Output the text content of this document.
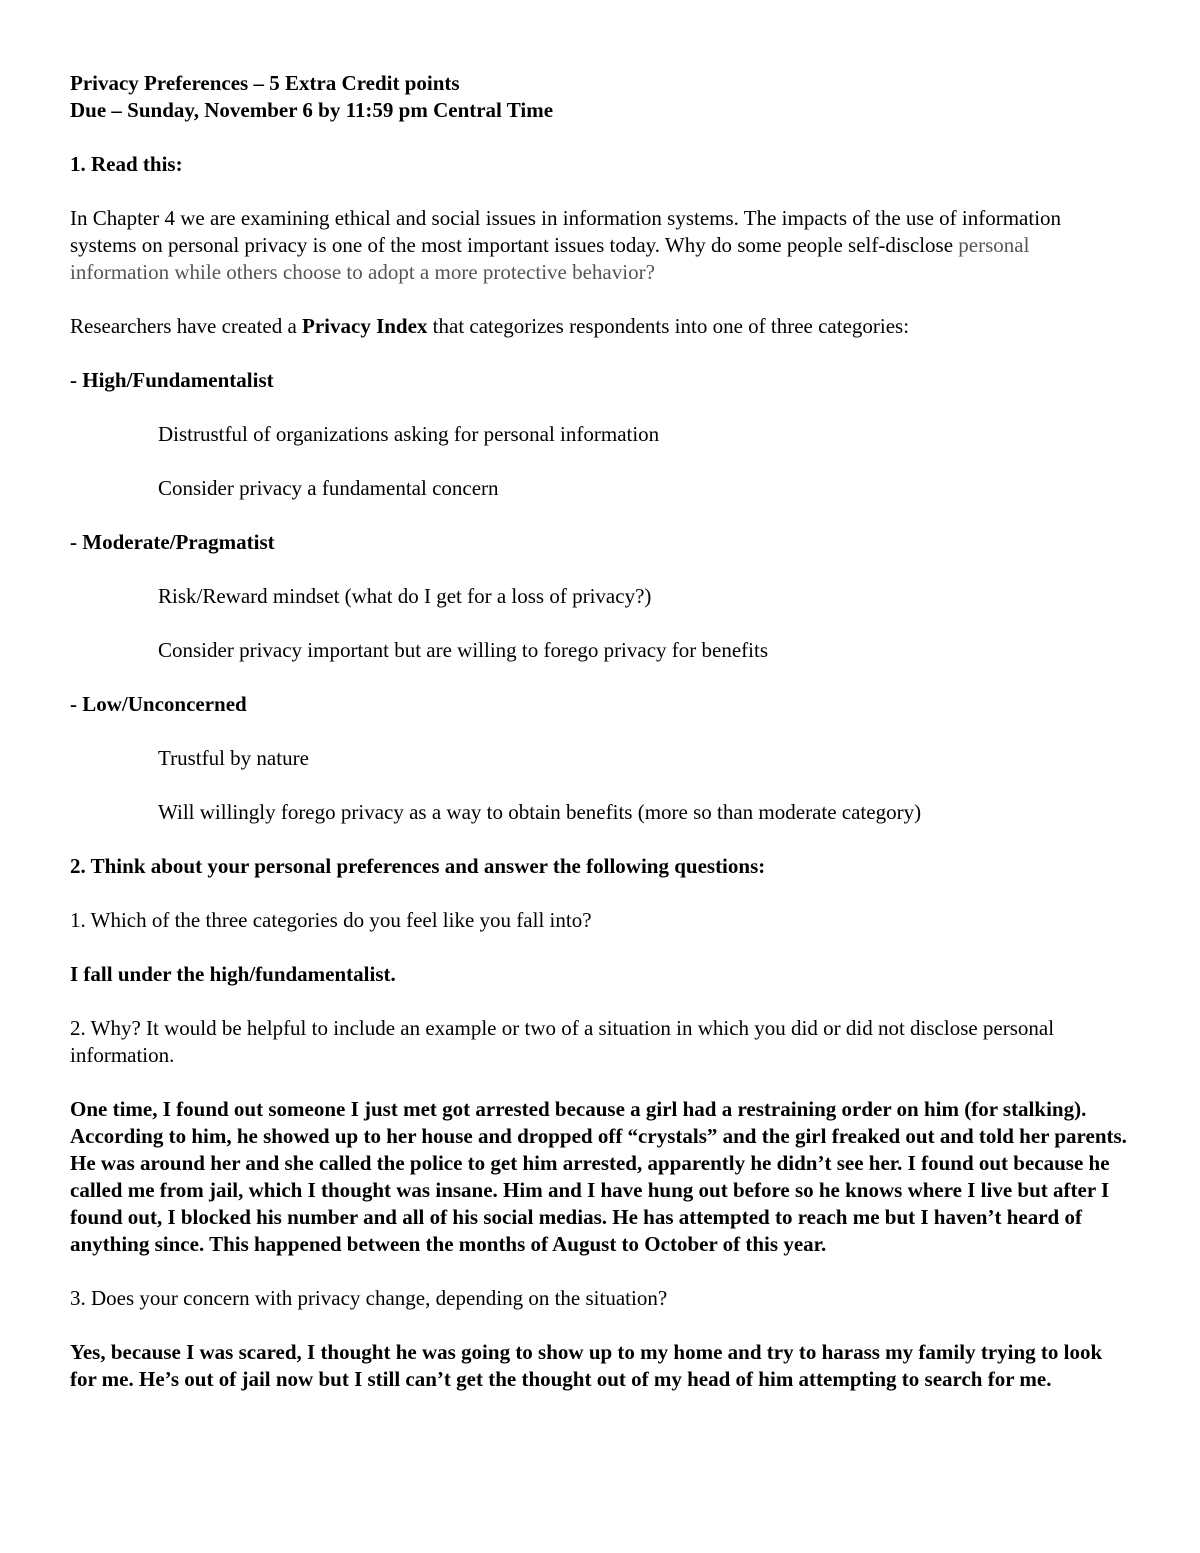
Privacy Preferences – 5 Extra Credit points
Due – Sunday, November 6 by 11:59 pm Central Time

1. Read this:

In Chapter 4 we are examining ethical and social issues in information systems. The impacts of the use of information systems on personal privacy is one of the most important issues today. Why do some people self-disclose personal information while others choose to adopt a more protective behavior?

Researchers have created a Privacy Index that categorizes respondents into one of three categories:

- High/Fundamentalist

Distrustful of organizations asking for personal information

Consider privacy a fundamental concern

- Moderate/Pragmatist

Risk/Reward mindset (what do I get for a loss of privacy?)

Consider privacy important but are willing to forego privacy for benefits

- Low/Unconcerned

Trustful by nature

Will willingly forego privacy as a way to obtain benefits (more so than moderate category)

2. Think about your personal preferences and answer the following questions:

1. Which of the three categories do you feel like you fall into?

I fall under the high/fundamentalist.

2. Why? It would be helpful to include an example or two of a situation in which you did or did not disclose personal information.

One time, I found out someone I just met got arrested because a girl had a restraining order on him (for stalking). According to him, he showed up to her house and dropped off “crystals” and the girl freaked out and told her parents. He was around her and she called the police to get him arrested, apparently he didn’t see her. I found out because he called me from jail, which I thought was insane. Him and I have hung out before so he knows where I live but after I found out, I blocked his number and all of his social medias. He has attempted to reach me but I haven’t heard of anything since. This happened between the months of August to October of this year.

3. Does your concern with privacy change, depending on the situation?

Yes, because I was scared, I thought he was going to show up to my home and try to harass my family trying to look for me. He’s out of jail now but I still can’t get the thought out of my head of him attempting to search for me.
